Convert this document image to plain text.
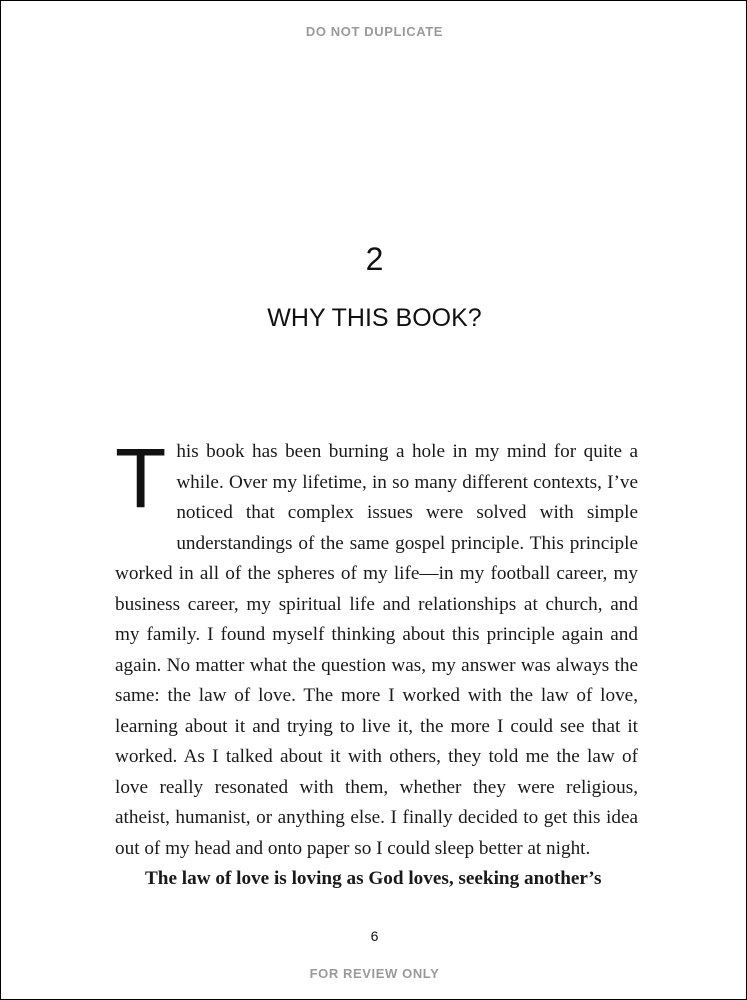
DO NOT DUPLICATE
2
WHY THIS BOOK?

This book has been burning a hole in my mind for quite a while. Over my lifetime, in so many different contexts, I’ve noticed that complex issues were solved with simple understandings of the same gospel principle. This principle worked in all of the spheres of my life—in my football career, my business career, my spiritual life and relationships at church, and my family. I found myself thinking about this principle again and again. No matter what the question was, my answer was always the same: the law of love. The more I worked with the law of love, learning about it and trying to live it, the more I could see that it worked. As I talked about it with others, they told me the law of love really resonated with them, whether they were religious, atheist, humanist, or anything else. I finally decided to get this idea out of my head and onto paper so I could sleep better at night.

The law of love is loving as God loves, seeking another’s

6
FOR REVIEW ONLY
